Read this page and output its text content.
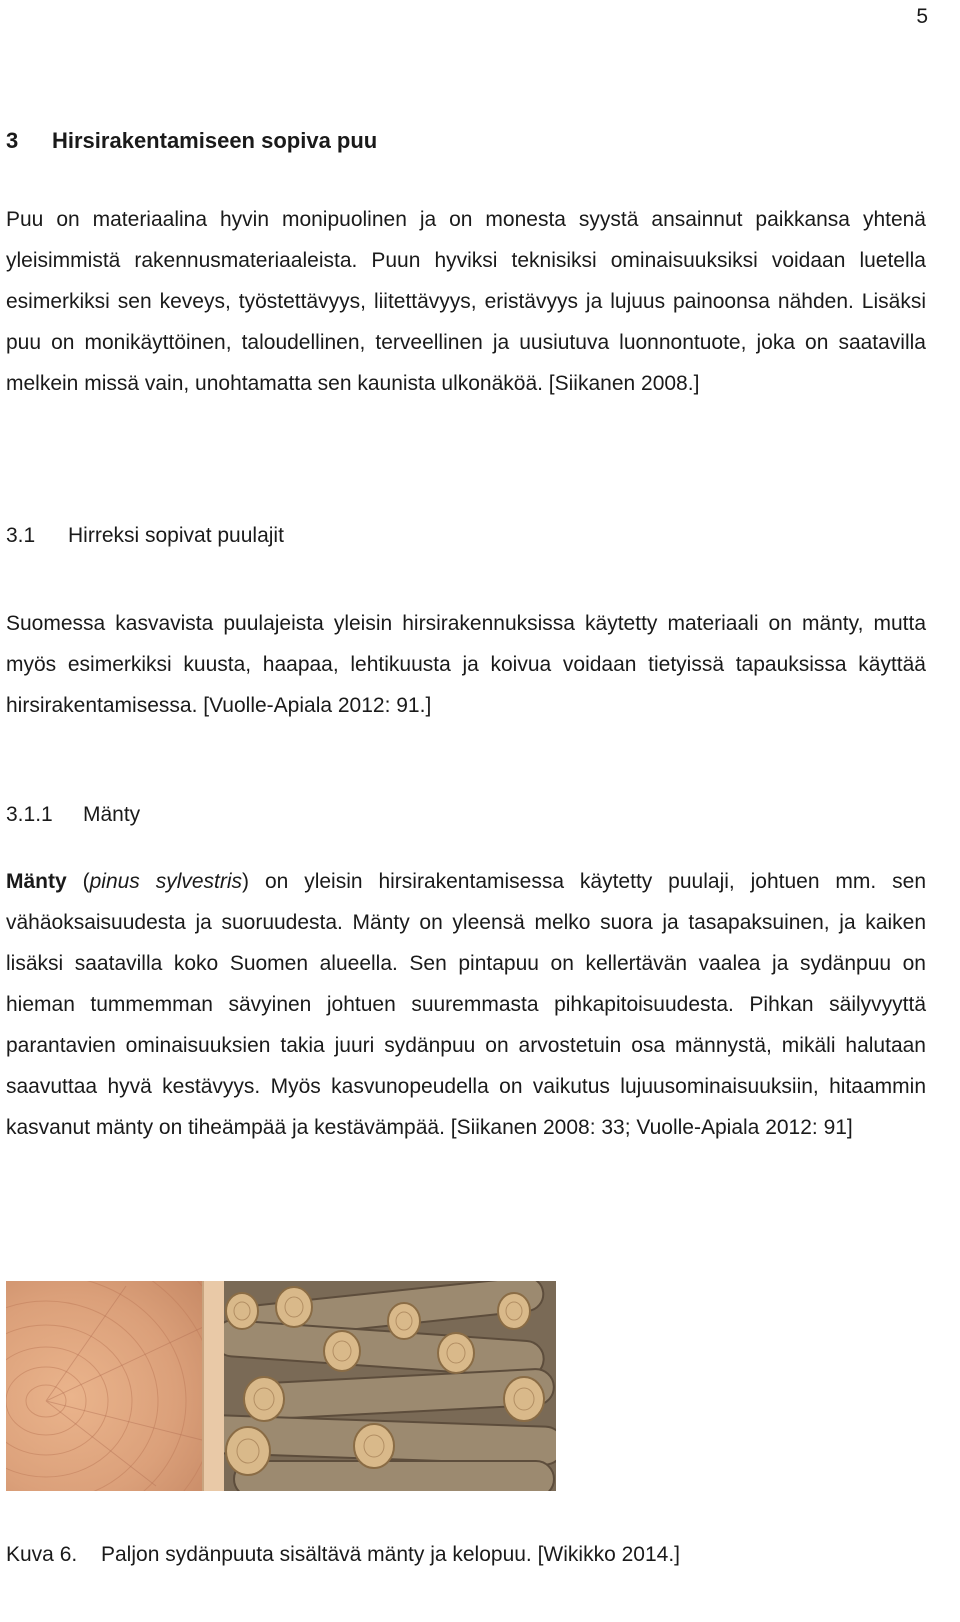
5
3	Hirsirakentamiseen sopiva puu

Puu on materiaalina hyvin monipuolinen ja on monesta syystä ansainnut paikkansa yhtenä yleisimmistä rakennusmateriaaleista. Puun hyviksi teknisiksi ominaisuuksiksi voidaan luetella esimerkiksi sen keveys, työstettävyys, liitettävyys, eristävyys ja lujuus painoonsa nähden. Lisäksi puu on monikäyttöinen, taloudellinen, terveellinen ja uusiutuva luonnontuote, joka on saatavilla melkein missä vain, unohtamatta sen kaunista ulkonäköä. [Siikanen 2008.]

3.1	Hirreksi sopivat puulajit

Suomessa kasvavista puulajeista yleisin hirsirakennuksissa käytetty materiaali on mänty, mutta myös esimerkiksi kuusta, haapaa, lehtikuusta ja koivua voidaan tietyissä tapauksissa käyttää hirsirakentamisessa. [Vuolle-Apiala 2012: 91.]

3.1.1	Mänty

Mänty (pinus sylvestris) on yleisin hirsirakentamisessa käytetty puulaji, johtuen mm. sen vähäoksaisuudesta ja suoruudesta. Mänty on yleensä melko suora ja tasapaksuinen, ja kaiken lisäksi saatavilla koko Suomen alueella. Sen pintapuu on kellertävän vaalea ja sydänpuu on hieman tummemman sävyinen johtuen suuremmasta pihkapitoisuudesta. Pihkan säilyvyyttä parantavien ominaisuuksien takia juuri sydänpuu on arvostetuin osa männystä, mikäli halutaan saavuttaa hyvä kestävyys. Myös kasvunopeudella on vaikutus lujuusominaisuuksiin, hitaammin kasvanut mänty on tiheämpää ja kestävämpää. [Siikanen 2008: 33; Vuolle-Apiala 2012: 91]

Kuva 6.	Paljon sydänpuuta sisältävä mänty ja kelopuu. [Wikikko 2014.]
